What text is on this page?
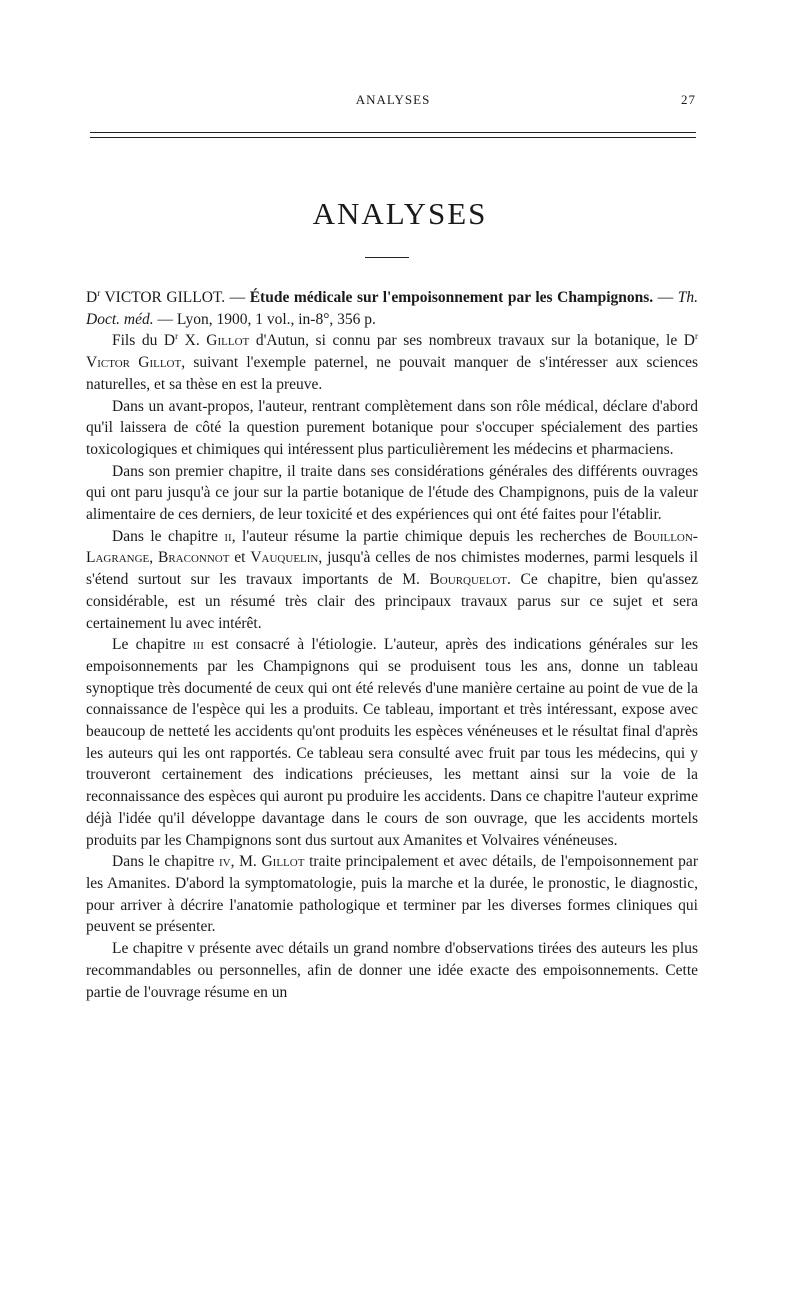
ANALYSES	27
ANALYSES

$D^r$ VICTOR GILLOT. — Étude médicale sur l'empoisonnement par les Champignons. — Th. Doct. méd. — Lyon, 1900, 1 vol., in-8°, 356 p.

Fils du $D^r$ X. Gillot d'Autun, si connu par ses nombreux travaux sur la botanique, le $D^r$ Victor Gillot, suivant l'exemple paternel, ne pouvait manquer de s'intéresser aux sciences naturelles, et sa thèse en est la preuve.

Dans un avant-propos, l'auteur, rentrant complètement dans son rôle médical, déclare d'abord qu'il laissera de côté la question purement botanique pour s'occuper spécialement des parties toxicologiques et chimiques qui intéressent plus particulièrement les médecins et pharmaciens.

Dans son premier chapitre, il traite dans ses considérations générales des différents ouvrages qui ont paru jusqu'à ce jour sur la partie botanique de l'étude des Champignons, puis de la valeur alimentaire de ces derniers, de leur toxicité et des expériences qui ont été faites pour l'établir.

Dans le chapitre ii, l'auteur résume la partie chimique depuis les recherches de Bouillon-Lagrange, Braconnot et Vauquelin, jusqu'à celles de nos chimistes modernes, parmi lesquels il s'étend surtout sur les travaux importants de M. Bourquelot. Ce chapitre, bien qu'assez considérable, est un résumé très clair des principaux travaux parus sur ce sujet et sera certainement lu avec intérêt.

Le chapitre iii est consacré à l'étiologie. L'auteur, après des indications générales sur les empoisonnements par les Champignons qui se produisent tous les ans, donne un tableau synoptique très documenté de ceux qui ont été relevés d'une manière certaine au point de vue de la connaissance de l'espèce qui les a produits. Ce tableau, important et très intéressant, expose avec beaucoup de netteté les accidents qu'ont produits les espèces vénéneuses et le résultat final d'après les auteurs qui les ont rapportés. Ce tableau sera consulté avec fruit par tous les médecins, qui y trouveront certainement des indications précieuses, les mettant ainsi sur la voie de la reconnaissance des espèces qui auront pu produire les accidents. Dans ce chapitre l'auteur exprime déjà l'idée qu'il développe davantage dans le cours de son ouvrage, que les accidents mortels produits par les Champignons sont dus surtout aux Amanites et Volvaires vénéneuses.

Dans le chapitre iv, M. Gillot traite principalement et avec détails, de l'empoisonnement par les Amanites. D'abord la symptomatologie, puis la marche et la durée, le pronostic, le diagnostic, pour arriver à décrire l'anatomie pathologique et terminer par les diverses formes cliniques qui peuvent se présenter.

Le chapitre v présente avec détails un grand nombre d'observations tirées des auteurs les plus recommandables ou personnelles, afin de donner une idée exacte des empoisonnements. Cette partie de l'ouvrage résume en un
